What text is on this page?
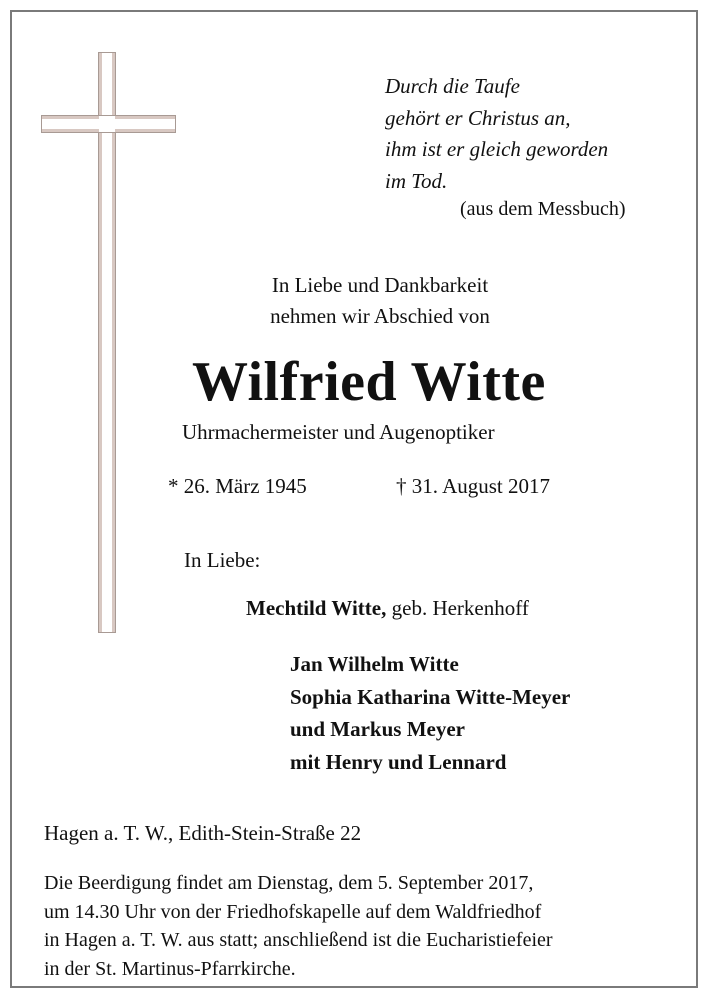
Durch die Taufe
gehört er Christus an,
ihm ist er gleich geworden
im Tod.
(aus dem Messbuch)
In Liebe und Dankbarkeit
nehmen wir Abschied von
Wilfried Witte
Uhrmachermeister und Augenoptiker
* 26. März 1945	† 31. August 2017
In Liebe:
Mechtild Witte, geb. Herkenhoff
Jan Wilhelm Witte
Sophia Katharina Witte-Meyer
und Markus Meyer
mit Henry und Lennard
Hagen a. T. W., Edith-Stein-Straße 22
Die Beerdigung findet am Dienstag, dem 5. September 2017,
um 14.30 Uhr von der Friedhofskapelle auf dem Waldfriedhof
in Hagen a. T. W. aus statt; anschließend ist die Eucharistiefeier
in der St. Martinus-Pfarrkirche.
